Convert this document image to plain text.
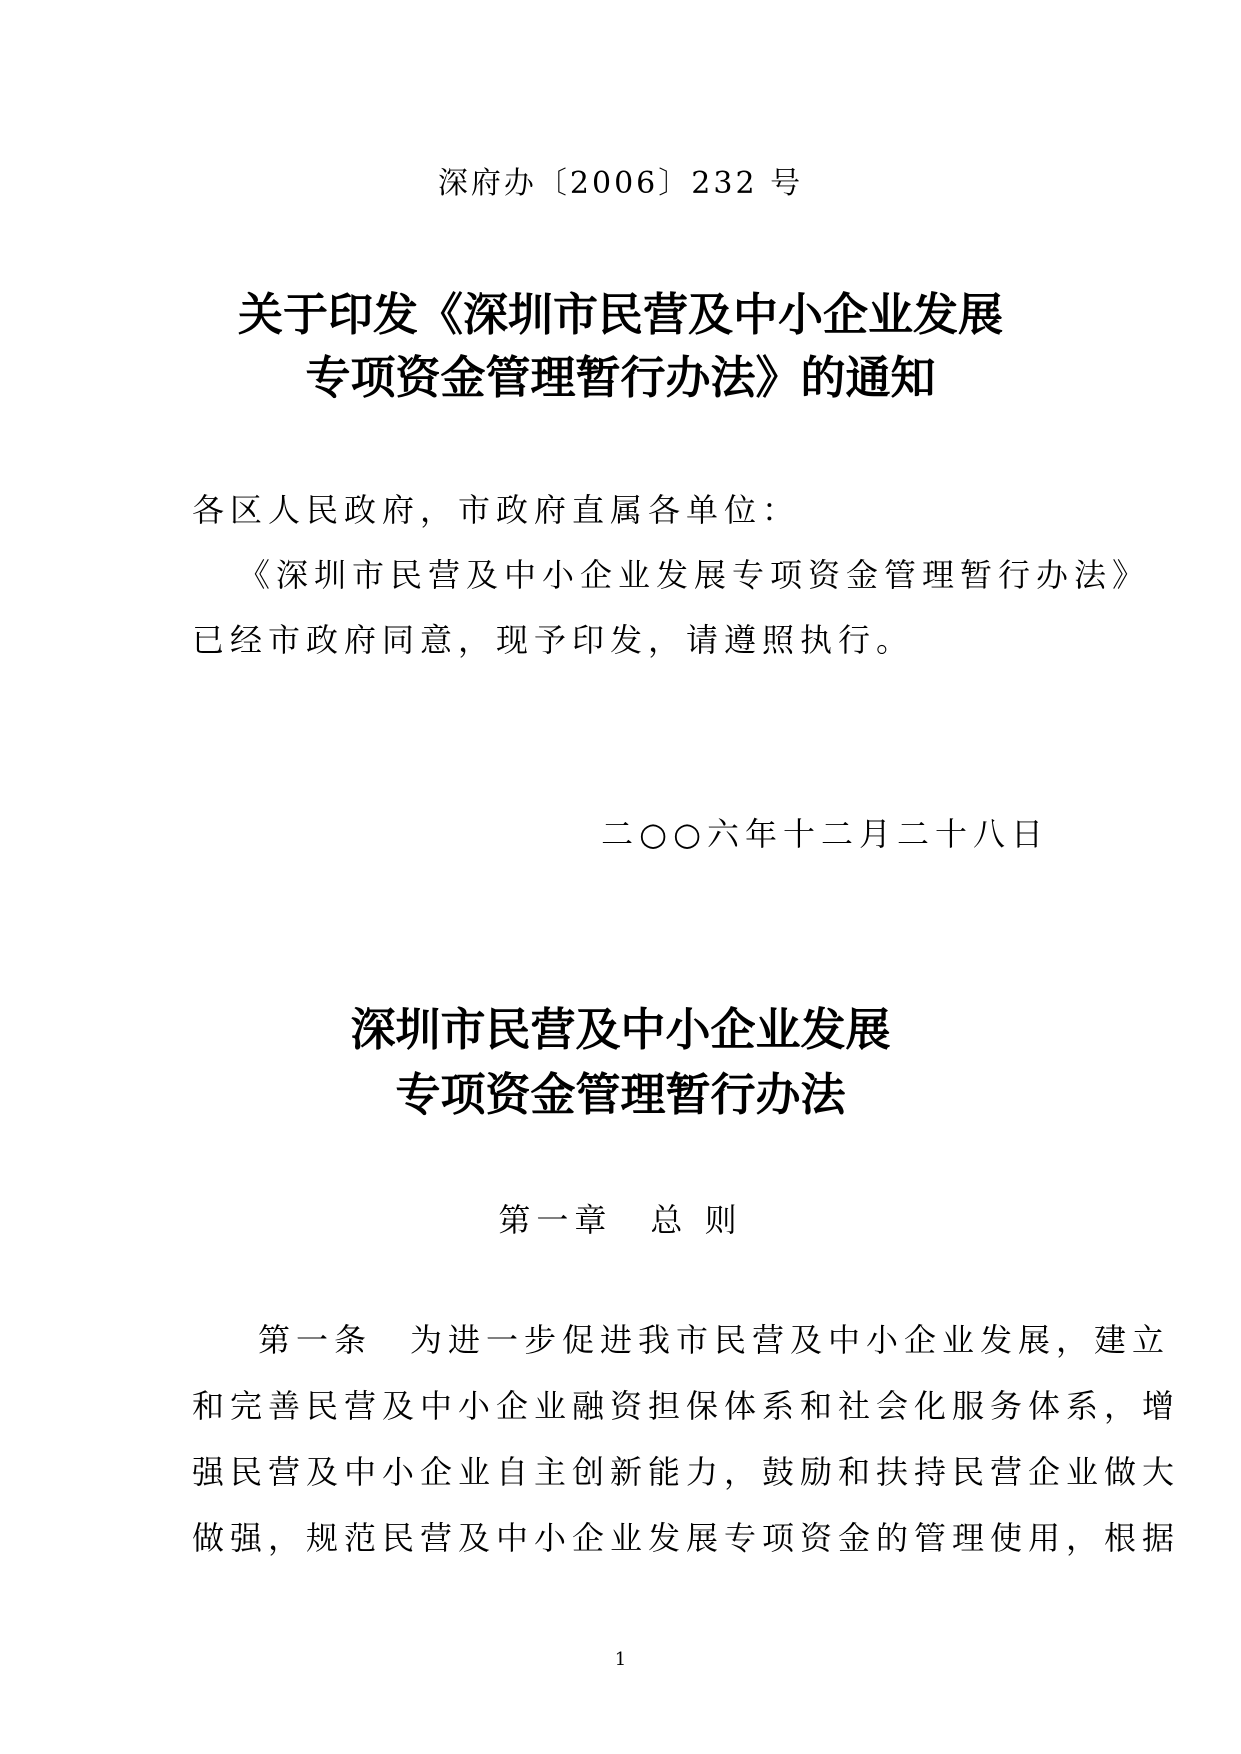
深府办〔2006〕232 号
关于印发《深圳市民营及中小企业发展
专项资金管理暂行办法》的通知
各区人民政府，市政府直属各单位：
《深圳市民营及中小企业发展专项资金管理暂行办法》
已经市政府同意，现予印发，请遵照执行。
二○○六年十二月二十八日
深圳市民营及中小企业发展
专项资金管理暂行办法
第一章　总 则
第一条　为进一步促进我市民营及中小企业发展，建立
和完善民营及中小企业融资担保体系和社会化服务体系，增
强民营及中小企业自主创新能力，鼓励和扶持民营企业做大
做强，规范民营及中小企业发展专项资金的管理使用，根据
1
